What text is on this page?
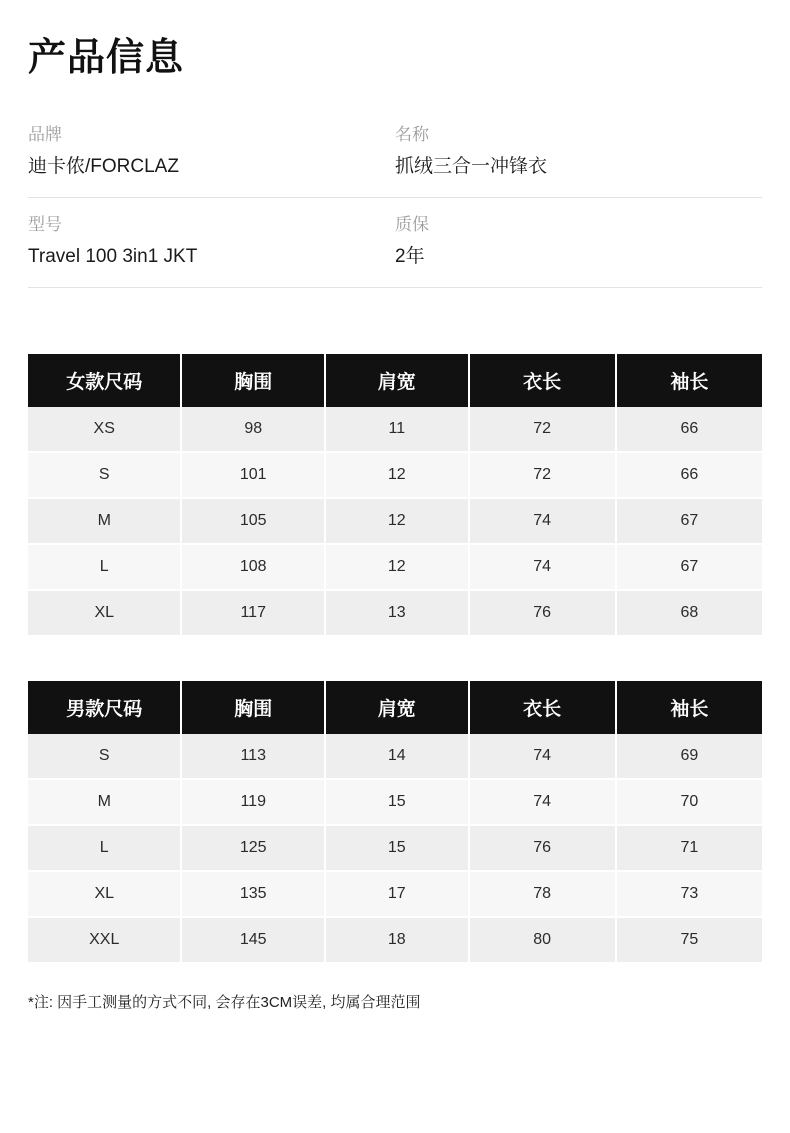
产品信息
品牌
迪卡侬/FORCLAZ

名称
抓绒三合一冲锋衣

型号
Travel 100 3in1 JKT

质保
2年

女款尺码	胸围	肩宽	衣长	袖长
XS	98	11	72	66
S	101	12	72	66
M	105	12	74	67
L	108	12	74	67
XL	117	13	76	68
男款尺码	胸围	肩宽	衣长	袖长
S	113	14	74	69
M	119	15	74	70
L	125	15	76	71
XL	135	17	78	73
XXL	145	18	80	75
*注: 因手工测量的方式不同, 会存在3CM误差, 均属合理范围
